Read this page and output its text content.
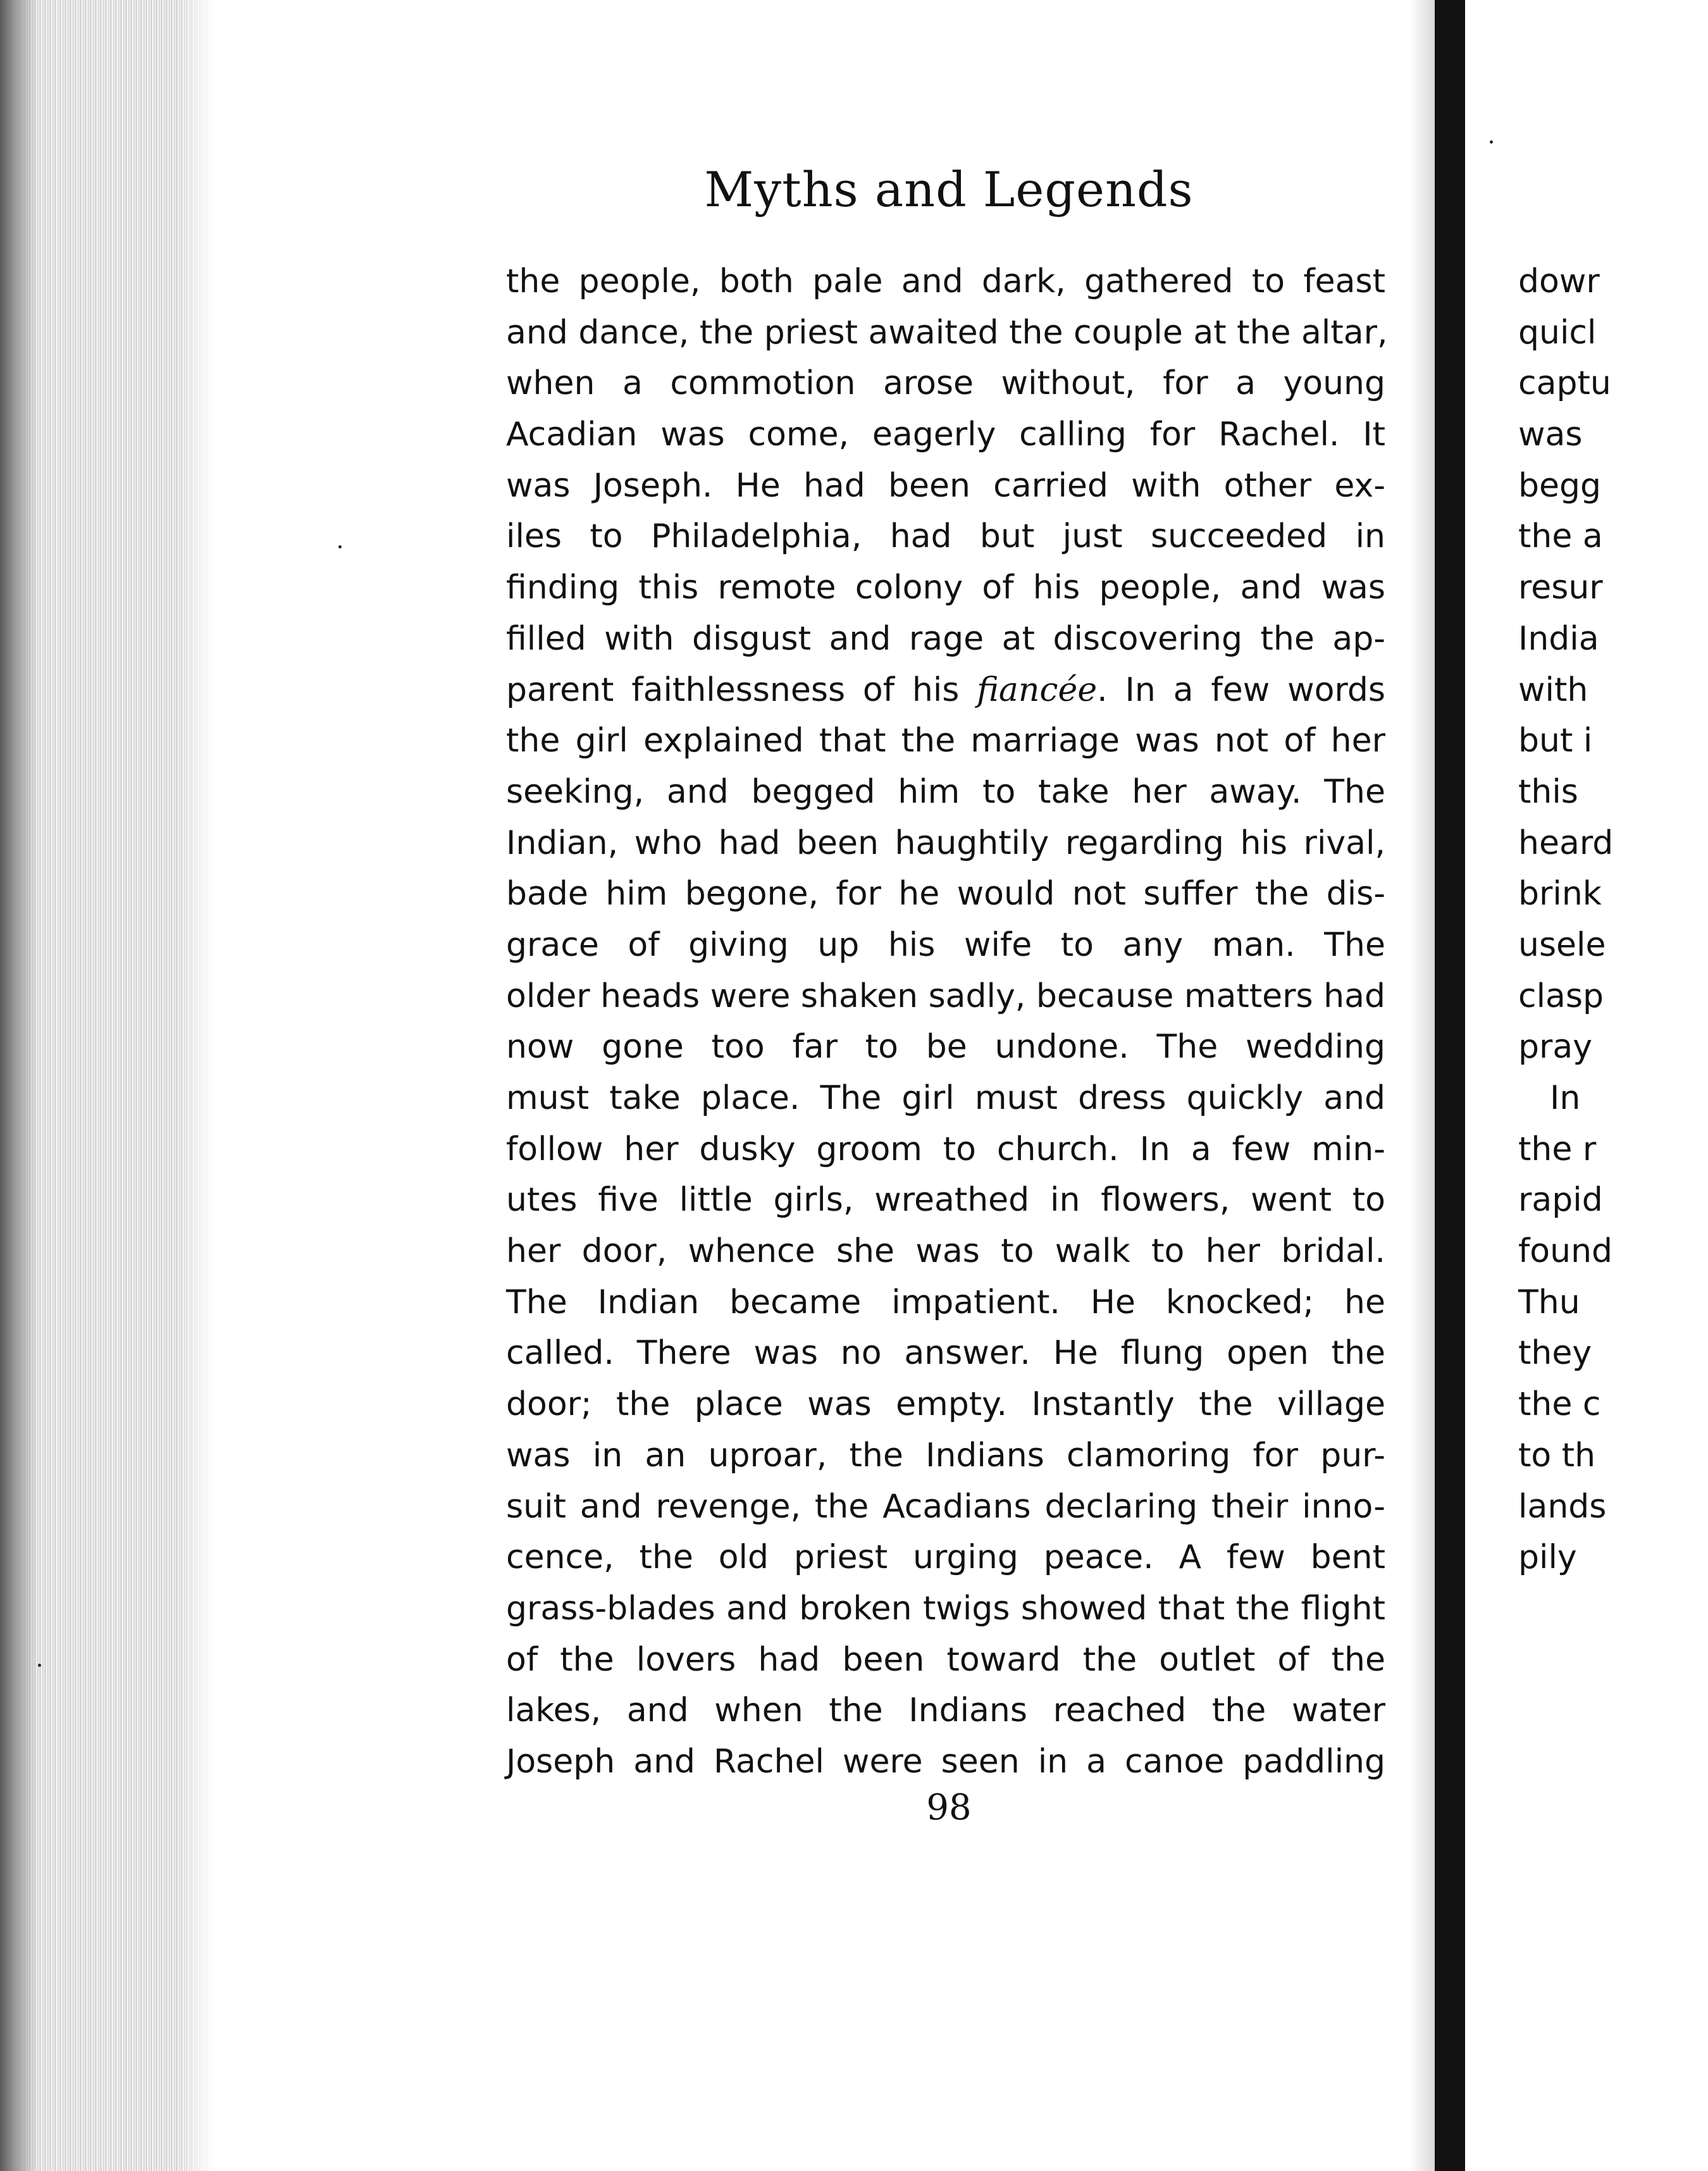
Myths and Legends
the people, both pale and dark, gathered to feast
and dance, the priest awaited the couple at the altar,
when a commotion arose without, for a young
Acadian was come, eagerly calling for Rachel. It
was Joseph. He had been carried with other ex-
iles to Philadelphia, had but just succeeded in
finding this remote colony of his people, and was
filled with disgust and rage at discovering the ap-
parent faithlessness of his fiancée. In a few words
the girl explained that the marriage was not of her
seeking, and begged him to take her away. The
Indian, who had been haughtily regarding his rival,
bade him begone, for he would not suffer the dis-
grace of giving up his wife to any man. The
older heads were shaken sadly, because matters had
now gone too far to be undone. The wedding
must take place. The girl must dress quickly and
follow her dusky groom to church. In a few min-
utes five little girls, wreathed in flowers, went to
her door, whence she was to walk to her bridal.
The Indian became impatient. He knocked; he
called. There was no answer. He flung open the
door; the place was empty. Instantly the village
was in an uproar, the Indians clamoring for pur-
suit and revenge, the Acadians declaring their inno-
cence, the old priest urging peace. A few bent
grass-blades and broken twigs showed that the flight
of the lovers had been toward the outlet of the
lakes, and when the Indians reached the water
Joseph and Rachel were seen in a canoe paddling
98
dowr
quicl
captu
was
begg
the a
resur
India
with
but i
this
heard
brink
usele
clasp
pray
In
the r
rapid
found
Thu
they
the c
to th
lands
pily
